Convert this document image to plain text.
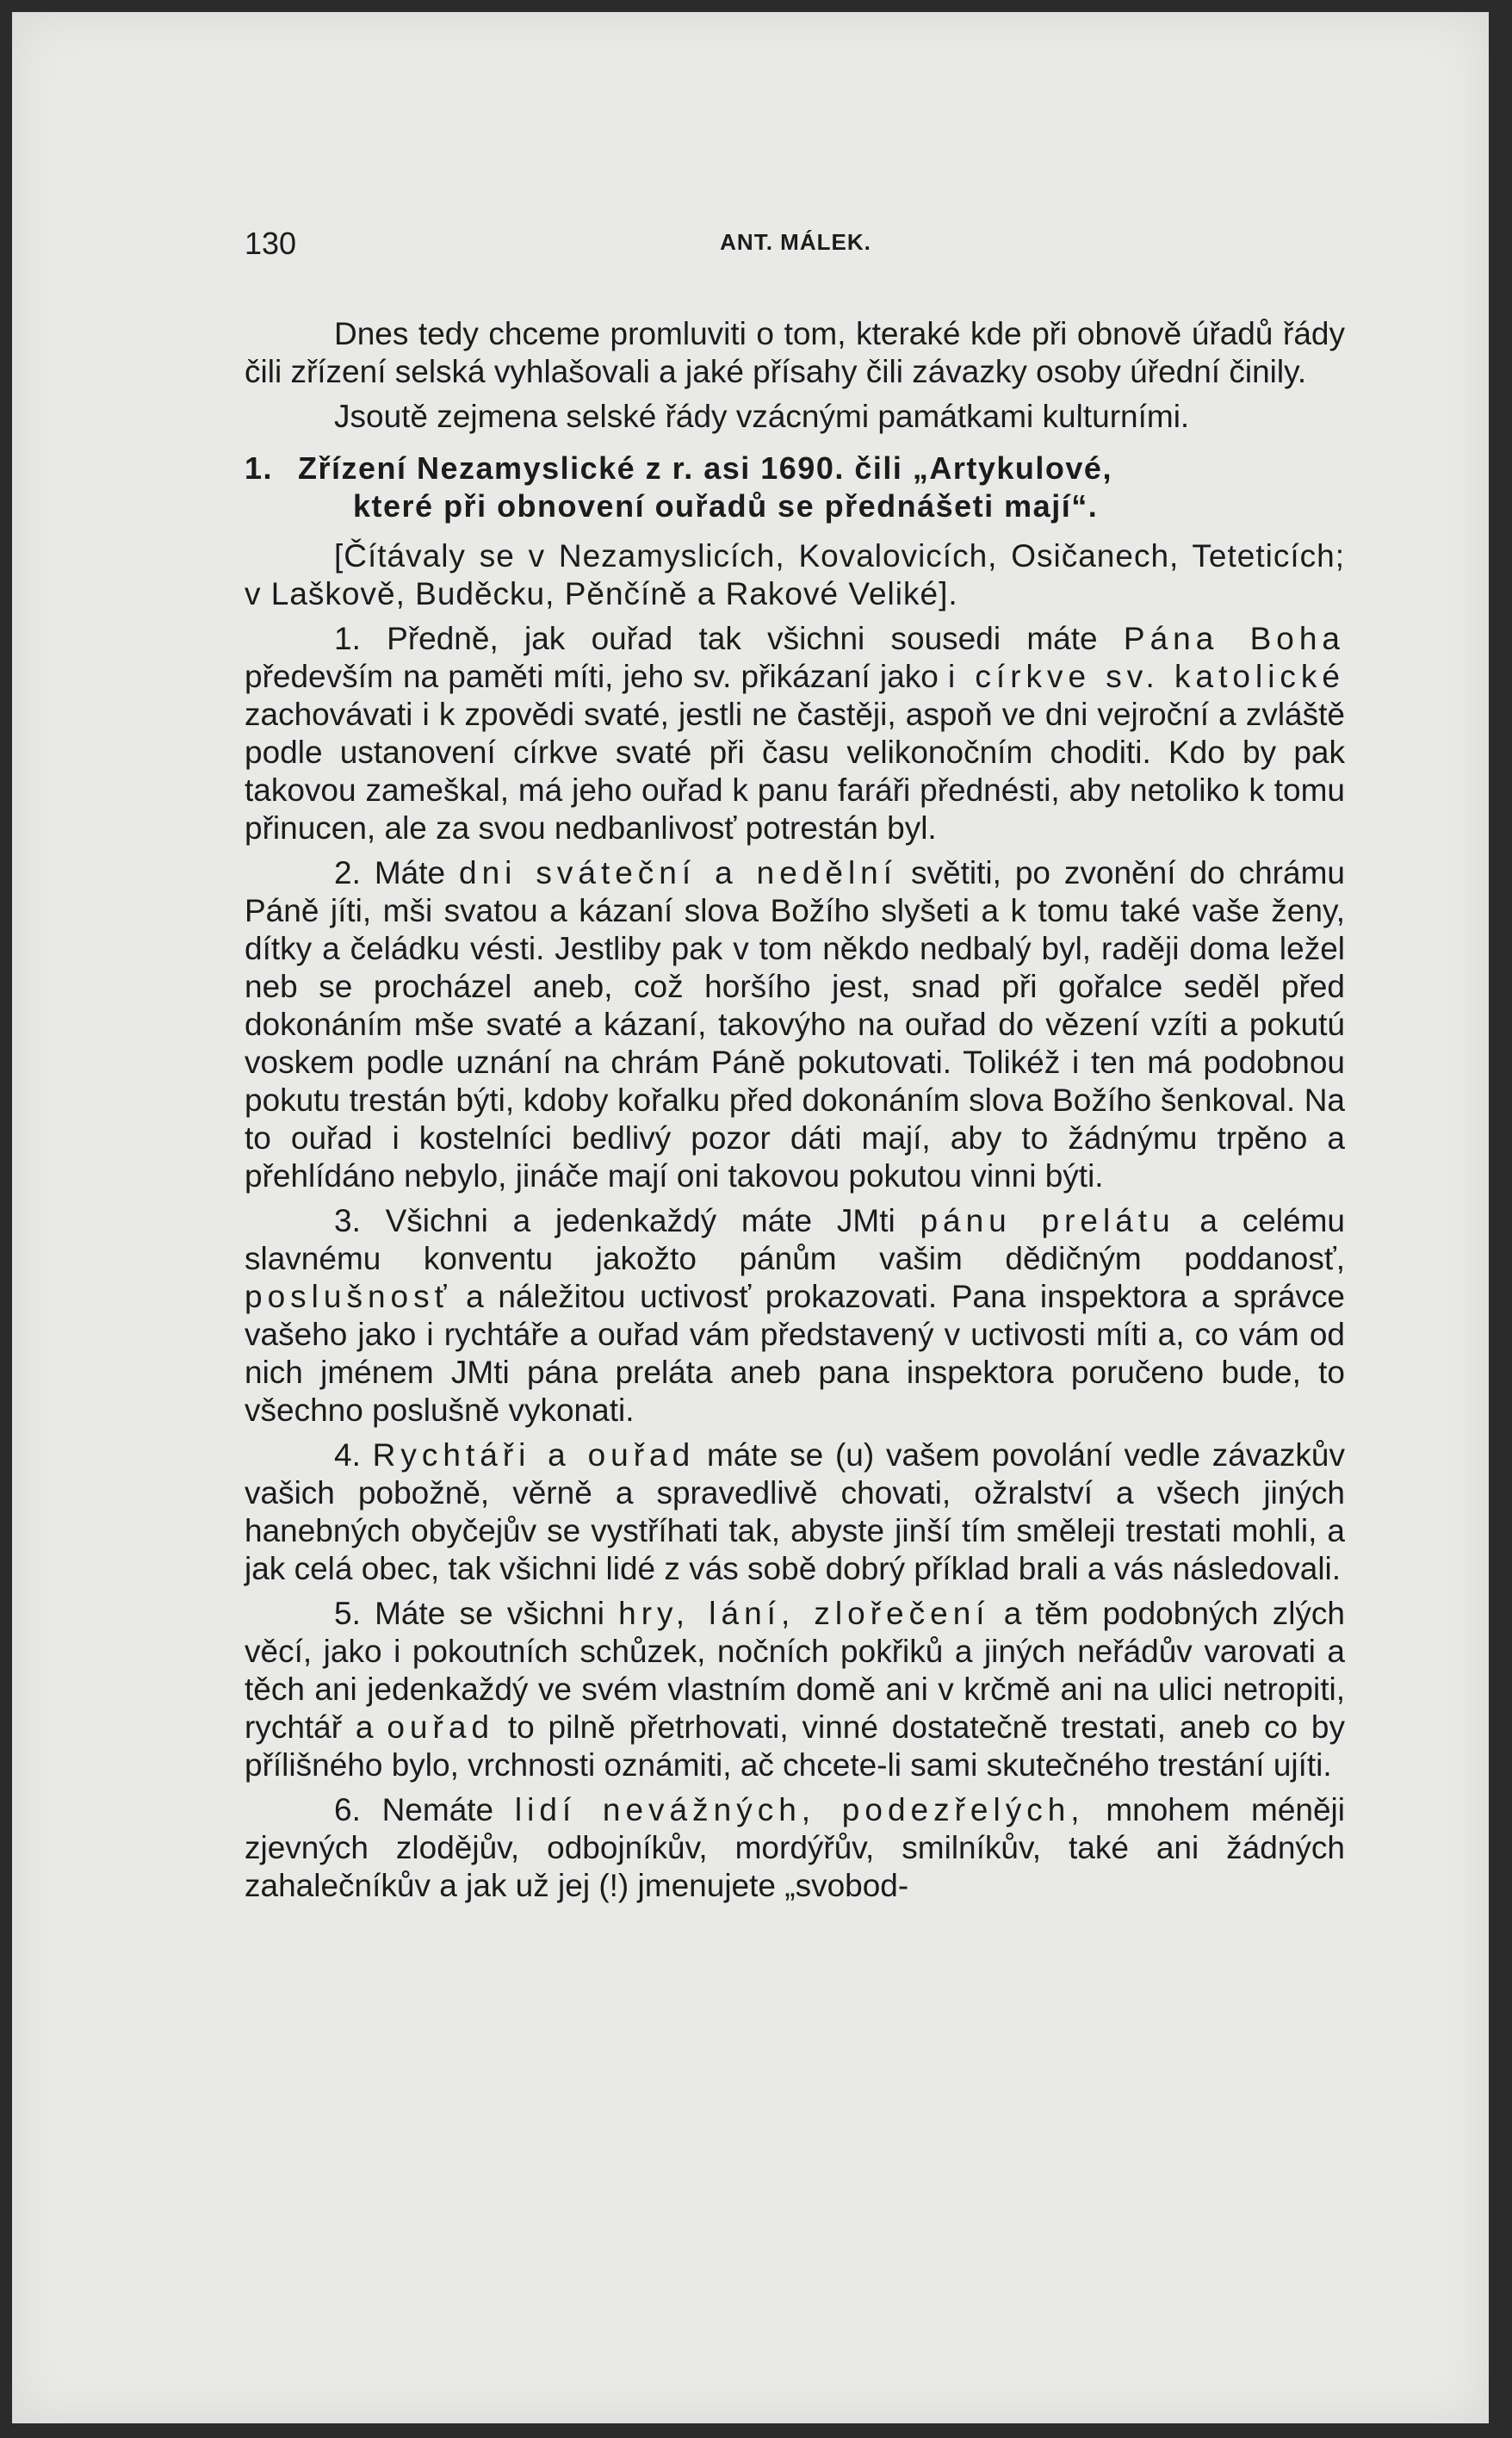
130	ANT. MÁLEK.

Dnes tedy chceme promluviti o tom, kteraké kde při obnově úřadů řády čili zřízení selská vyhlašovali a jaké přísahy čili závazky osoby úřední činily.

Jsoutě zejmena selské řády vzácnými památkami kulturními.

1. Zřízení Nezamyslické z r. asi 1690. čili „Artykulové,
které při obnovení ouřadů se přednášeti mají“.

[Čítávaly se v Nezamyslicích, Kovalovicích, Osičanech, Teteticích; v Laškově, Buděcku, Pěnčíně a Rakové Veliké].

1. Předně, jak ouřad tak všichni sousedi máte Pána Boha především na paměti míti, jeho sv. přikázaní jako i církve sv. katolické zachovávati i k zpovědi svaté, jestli ne častěji, aspoň ve dni vejroční a zvláště podle ustanovení církve svaté při času velikonočním choditi. Kdo by pak takovou zameškal, má jeho ouřad k panu faráři přednésti, aby netoliko k tomu přinucen, ale za svou nedbanlivosť potrestán byl.

2. Máte dni sváteční a nedělní světiti, po zvonění do chrámu Páně jíti, mši svatou a kázaní slova Božího slyšeti a k tomu také vaše ženy, dítky a čeládku vésti. Jestliby pak v tom někdo nedbalý byl, raději doma ležel neb se procházel aneb, což horšího jest, snad při gořalce seděl před dokonáním mše svaté a kázaní, takovýho na ouřad do vězení vzíti a pokutú voskem podle uznání na chrám Páně pokutovati. Tolikéž i ten má podobnou pokutu trestán býti, kdoby kořalku před dokonáním slova Božího šenkoval. Na to ouřad i kostelníci bedlivý pozor dáti mají, aby to žádnýmu trpěno a přehlídáno nebylo, jináče mají oni takovou pokutou vinni býti.

3. Všichni a jedenkaždý máte JMti pánu prelátu a celému slavnému konventu jakožto pánům vašim dědičným poddanosť, poslušnosť a náležitou uctivosť prokazovati. Pana inspektora a správce vašeho jako i rychtáře a ouřad vám představený v uctivosti míti a, co vám od nich jménem JMti pána preláta aneb pana inspektora poručeno bude, to všechno poslušně vykonati.

4. Rychtáři a ouřad máte se (u) vašem povolání vedle závazkův vašich pobožně, věrně a spravedlivě chovati, ožralství a všech jiných hanebných obyčejův se vystříhati tak, abyste jinší tím směleji trestati mohli, a jak celá obec, tak všichni lidé z vás sobě dobrý příklad brali a vás následovali.

5. Máte se všichni hry, lání, zlořečení a těm podobných zlých věcí, jako i pokoutních schůzek, nočních pokřiků a jiných neřádův varovati a těch ani jedenkaždý ve svém vlastním domě ani v krčmě ani na ulici netropiti, rychtář a ouřad to pilně přetrhovati, vinné dostatečně trestati, aneb co by přílišného bylo, vrchnosti oznámiti, ač chcete-li sami skutečného trestání ujíti.

6. Nemáte lidí nevážných, podezřelých, mnohem méněji zjevných zlodějův, odbojníkův, mordýřův, smilníkův, také ani žádných zahalečníkův a jak už jej (!) jmenujete „svobod-
